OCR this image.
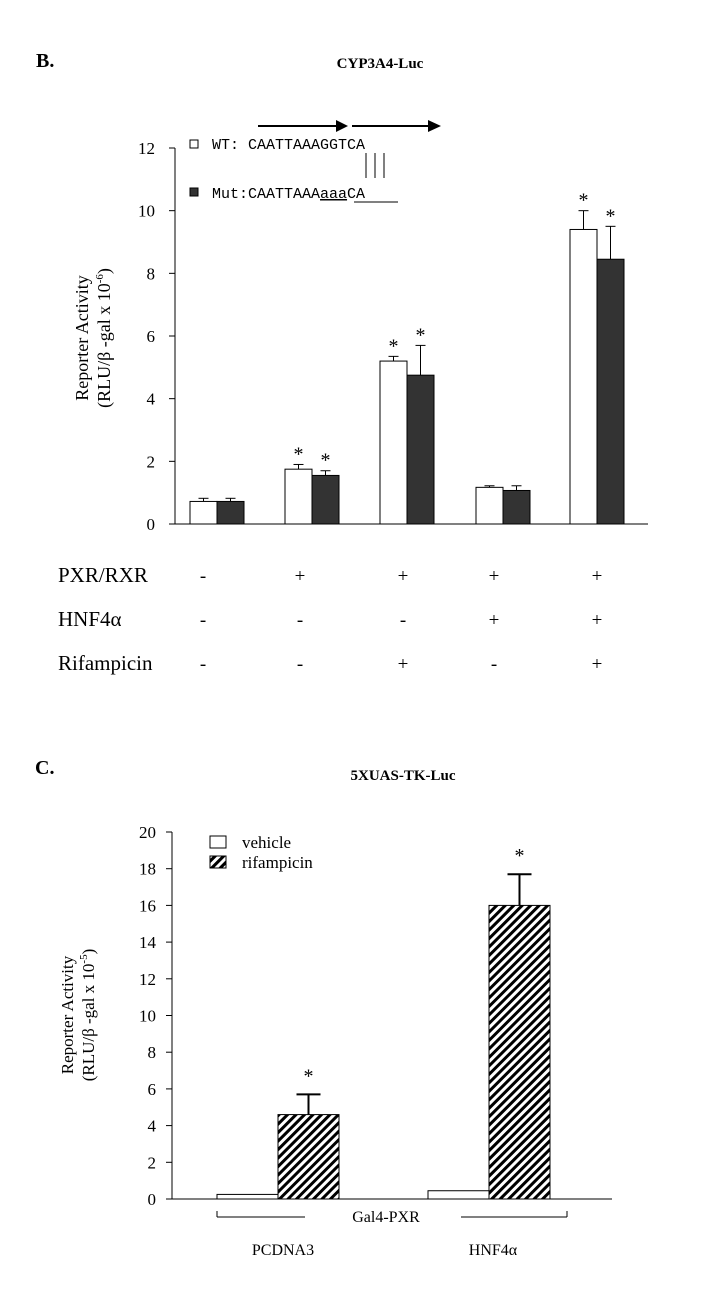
B.	CYP3A4-Luc
Reporter Activity (RLU/β -gal x $10^{-6}$)
0
2
4
6
8
10
12
*
*
*
*
*
*
WT: CAATTAAAGGTCA
Mut:CAATTAAAaaaCA
PXR/RXR	-	+	+	+	+
HNF4α	-	-	-	+	+
Rifampicin -	-	+	-	+
C.	5XUAS-TK-Luc
Reporter Activity (RLU/β -gal x $10^{-5}$)
0
2
4
6
8
10
12
14
16
18
20
*
*
vehicle
rifampicin
Gal4-PXR
PCDNA3	HNF4α
